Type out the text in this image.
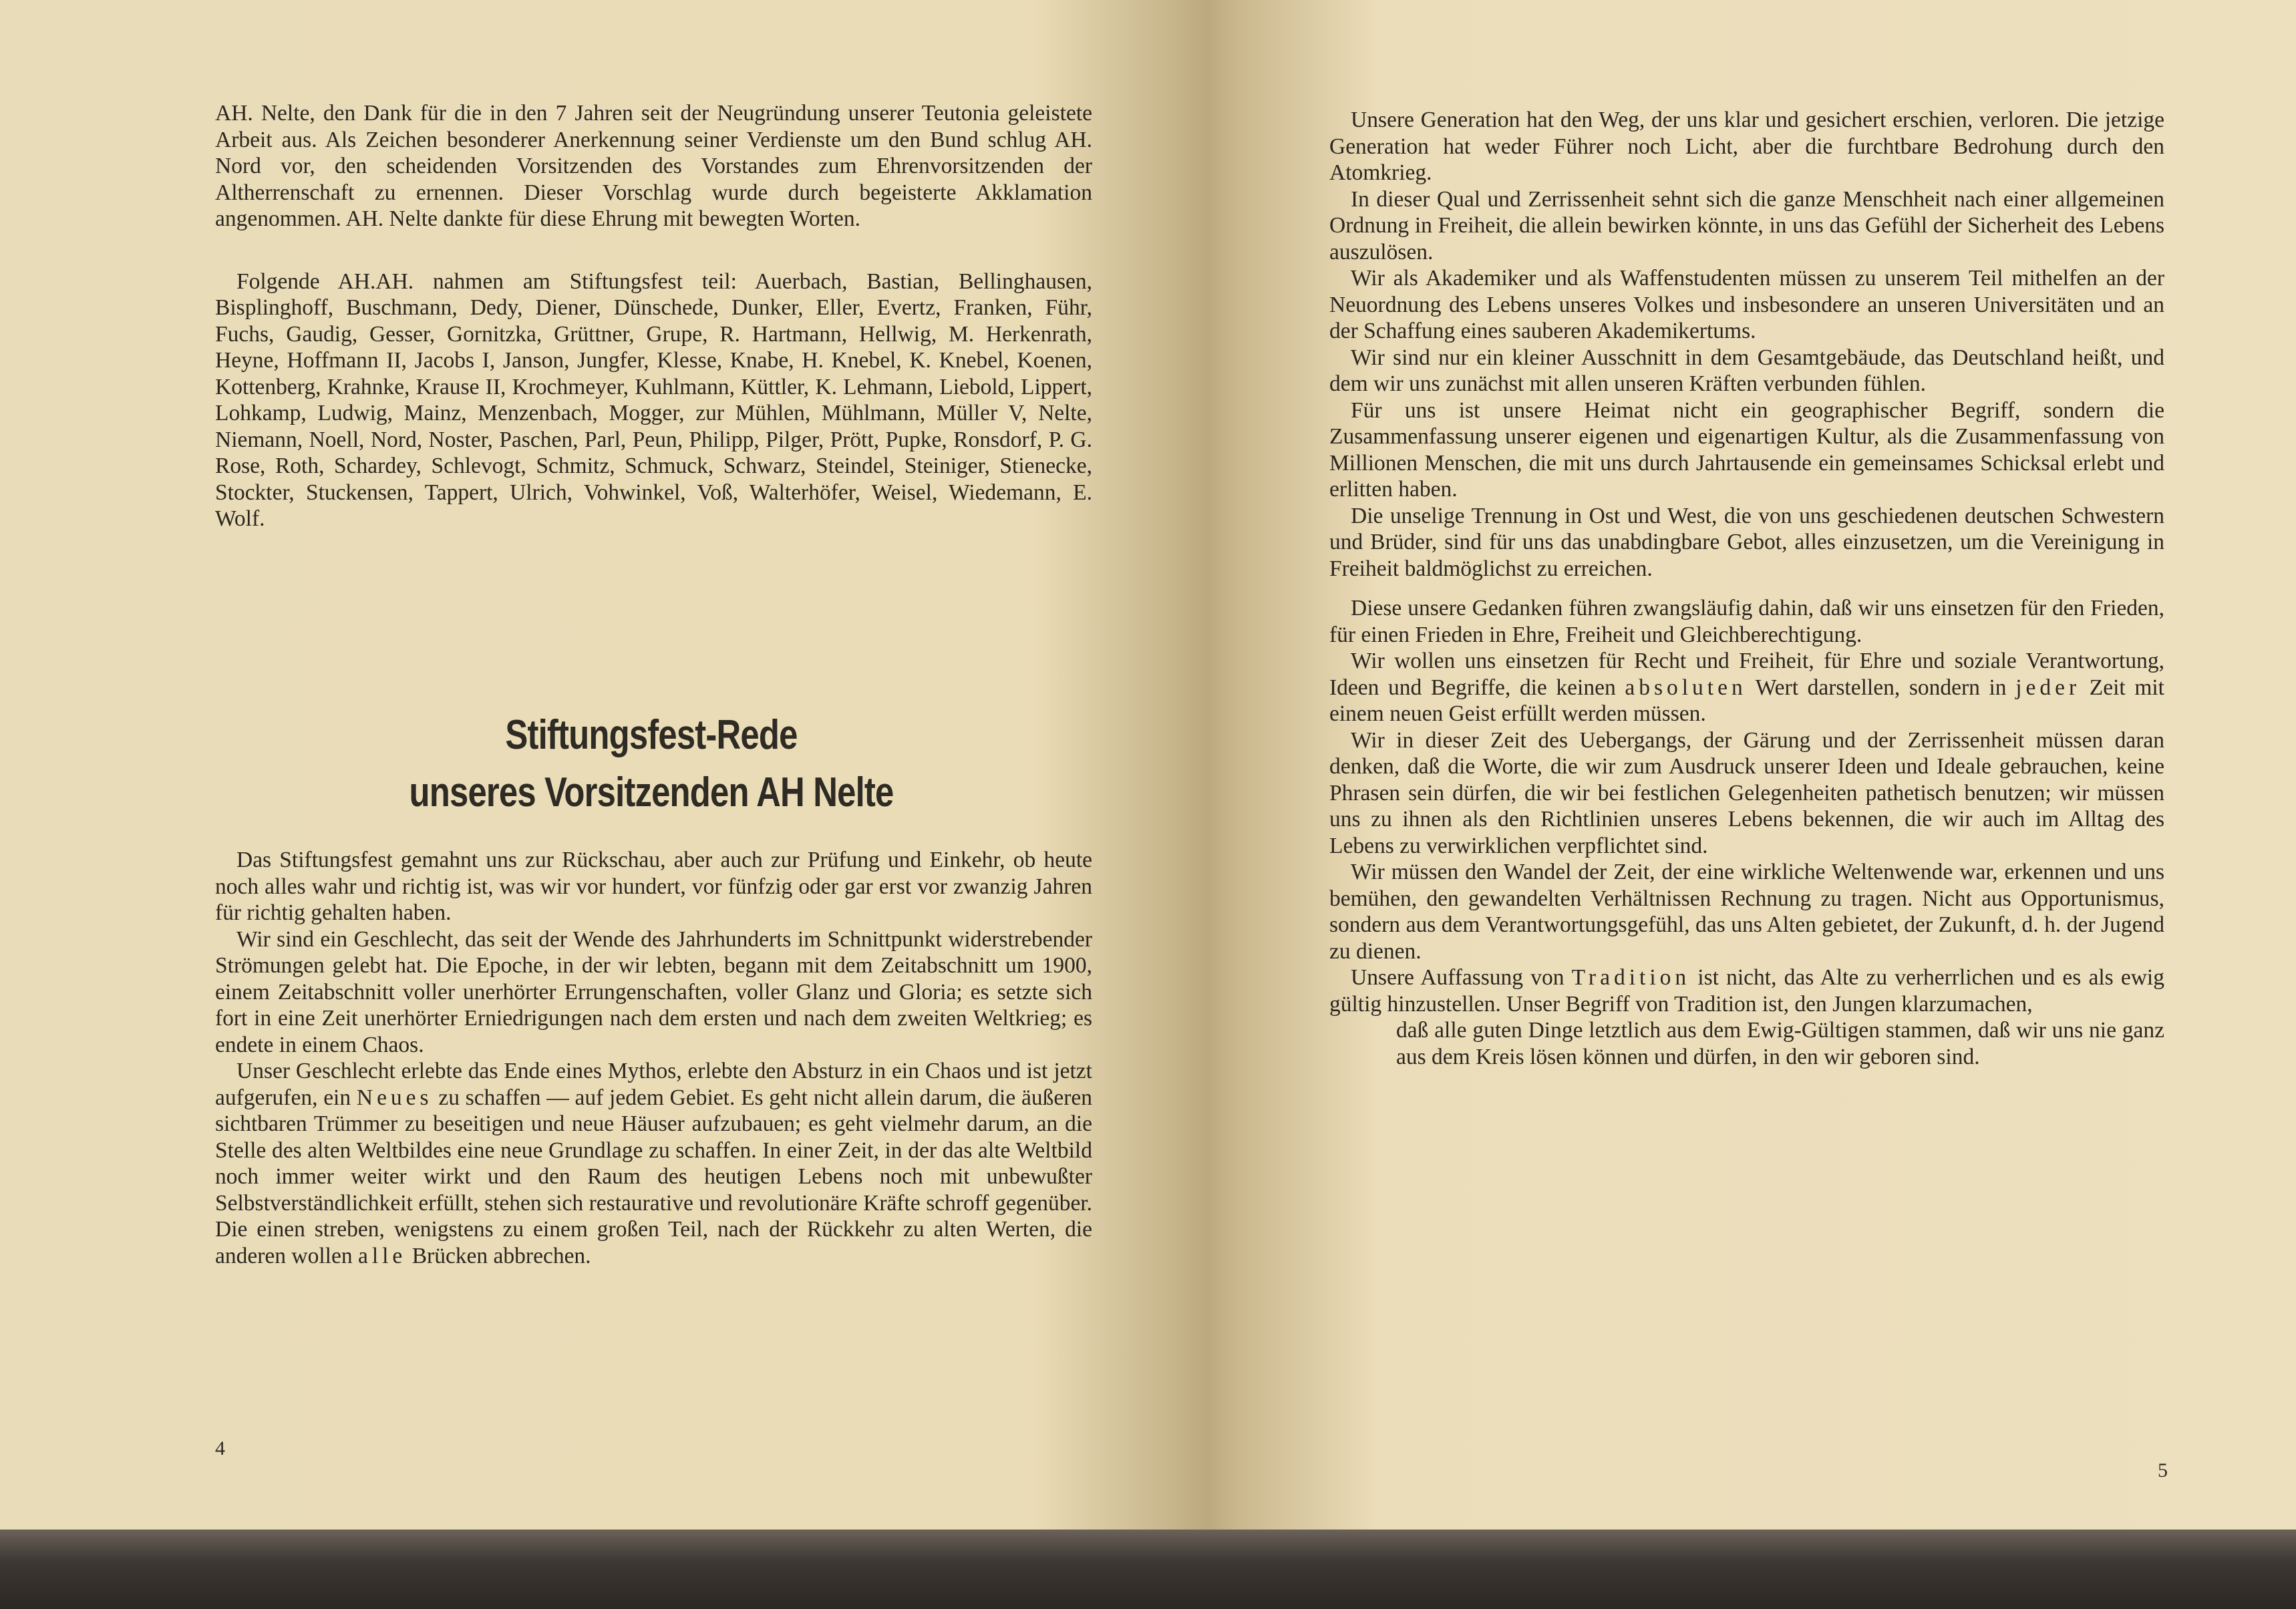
AH. Nelte, den Dank für die in den 7 Jahren seit der Neugründung unserer Teutonia geleistete Arbeit aus. Als Zeichen besonderer Anerkennung seiner Verdienste um den Bund schlug AH. Nord vor, den scheidenden Vorsitzenden des Vorstandes zum Ehrenvorsitzenden der Altherrenschaft zu ernennen. Dieser Vorschlag wurde durch begeisterte Akklamation angenommen. AH. Nelte dankte für diese Ehrung mit bewegten Worten.

Folgende AH.AH. nahmen am Stiftungsfest teil: Auerbach, Bastian, Bellinghausen, Bisplinghoff, Buschmann, Dedy, Diener, Dünschede, Dunker, Eller, Evertz, Franken, Führ, Fuchs, Gaudig, Gesser, Gornitzka, Grüttner, Grupe, R. Hartmann, Hellwig, M. Herkenrath, Heyne, Hoffmann II, Jacobs I, Janson, Jungfer, Klesse, Knabe, H. Knebel, K. Knebel, Koenen, Kottenberg, Krahnke, Krause II, Krochmeyer, Kuhlmann, Küttler, K. Lehmann, Liebold, Lippert, Lohkamp, Ludwig, Mainz, Menzenbach, Mogger, zur Mühlen, Mühlmann, Müller V, Nelte, Niemann, Noell, Nord, Noster, Paschen, Parl, Peun, Philipp, Pilger, Prött, Pupke, Ronsdorf, P. G. Rose, Roth, Schardey, Schlevogt, Schmitz, Schmuck, Schwarz, Steindel, Steiniger, Stienecke, Stockter, Stuckensen, Tappert, Ulrich, Vohwinkel, Voß, Walterhöfer, Weisel, Wiedemann, E. Wolf.

Stiftungsfest-Rede
unseres Vorsitzenden AH Nelte

Das Stiftungsfest gemahnt uns zur Rückschau, aber auch zur Prüfung und Einkehr, ob heute noch alles wahr und richtig ist, was wir vor hundert, vor fünfzig oder gar erst vor zwanzig Jahren für richtig gehalten haben.

Wir sind ein Geschlecht, das seit der Wende des Jahrhunderts im Schnittpunkt widerstrebender Strömungen gelebt hat. Die Epoche, in der wir lebten, begann mit dem Zeitabschnitt um 1900, einem Zeitabschnitt voller unerhörter Errungenschaften, voller Glanz und Gloria; es setzte sich fort in eine Zeit unerhörter Erniedrigungen nach dem ersten und nach dem zweiten Weltkrieg; es endete in einem Chaos.

Unser Geschlecht erlebte das Ende eines Mythos, erlebte den Absturz in ein Chaos und ist jetzt aufgerufen, ein Neues zu schaffen — auf jedem Gebiet. Es geht nicht allein darum, die äußeren sichtbaren Trümmer zu beseitigen und neue Häuser aufzubauen; es geht vielmehr darum, an die Stelle des alten Weltbildes eine neue Grundlage zu schaffen. In einer Zeit, in der das alte Weltbild noch immer weiter wirkt und den Raum des heutigen Lebens noch mit unbewußter Selbstverständlichkeit erfüllt, stehen sich restaurative und revolutionäre Kräfte schroff gegenüber. Die einen streben, wenigstens zu einem großen Teil, nach der Rückkehr zu alten Werten, die anderen wollen alle Brücken abbrechen.

4

Unsere Generation hat den Weg, der uns klar und gesichert erschien, verloren. Die jetzige Generation hat weder Führer noch Licht, aber die furchtbare Bedrohung durch den Atomkrieg.

In dieser Qual und Zerrissenheit sehnt sich die ganze Menschheit nach einer allgemeinen Ordnung in Freiheit, die allein bewirken könnte, in uns das Gefühl der Sicherheit des Lebens auszulösen.

Wir als Akademiker und als Waffenstudenten müssen zu unserem Teil mithelfen an der Neuordnung des Lebens unseres Volkes und insbesondere an unseren Universitäten und an der Schaffung eines sauberen Akademikertums.

Wir sind nur ein kleiner Ausschnitt in dem Gesamtgebäude, das Deutschland heißt, und dem wir uns zunächst mit allen unseren Kräften verbunden fühlen.

Für uns ist unsere Heimat nicht ein geographischer Begriff, sondern die Zusammenfassung unserer eigenen und eigenartigen Kultur, als die Zusammenfassung von Millionen Menschen, die mit uns durch Jahrtausende ein gemeinsames Schicksal erlebt und erlitten haben.

Die unselige Trennung in Ost und West, die von uns geschiedenen deutschen Schwestern und Brüder, sind für uns das unabdingbare Gebot, alles einzusetzen, um die Vereinigung in Freiheit baldmöglichst zu erreichen.

Diese unsere Gedanken führen zwangsläufig dahin, daß wir uns einsetzen für den Frieden, für einen Frieden in Ehre, Freiheit und Gleichberechtigung.

Wir wollen uns einsetzen für Recht und Freiheit, für Ehre und soziale Verantwortung, Ideen und Begriffe, die keinen absoluten Wert darstellen, sondern in jeder Zeit mit einem neuen Geist erfüllt werden müssen.

Wir in dieser Zeit des Uebergangs, der Gärung und der Zerrissenheit müssen daran denken, daß die Worte, die wir zum Ausdruck unserer Ideen und Ideale gebrauchen, keine Phrasen sein dürfen, die wir bei festlichen Gelegenheiten pathetisch benutzen; wir müssen uns zu ihnen als den Richtlinien unseres Lebens bekennen, die wir auch im Alltag des Lebens zu verwirklichen verpflichtet sind.

Wir müssen den Wandel der Zeit, der eine wirkliche Weltenwende war, erkennen und uns bemühen, den gewandelten Verhältnissen Rechnung zu tragen. Nicht aus Opportunismus, sondern aus dem Verantwortungsgefühl, das uns Alten gebietet, der Zukunft, d. h. der Jugend zu dienen.

Unsere Auffassung von Tradition ist nicht, das Alte zu verherrlichen und es als ewig gültig hinzustellen. Unser Begriff von Tradition ist, den Jungen klarzumachen,

daß alle guten Dinge letztlich aus dem Ewig-Gültigen stammen, daß wir uns nie ganz aus dem Kreis lösen können und dürfen, in den wir geboren sind.

5
